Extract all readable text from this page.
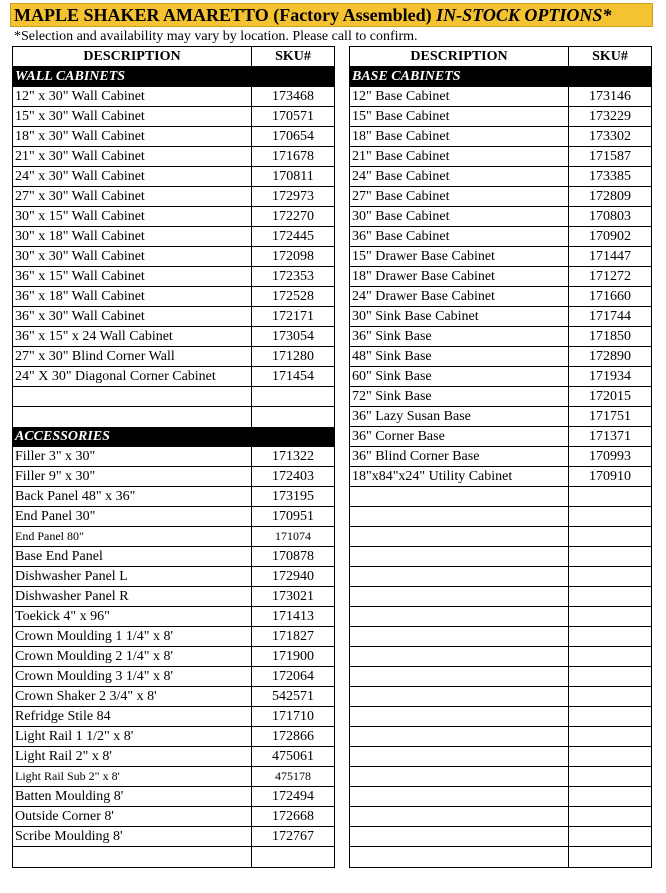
MAPLE SHAKER AMARETTO (Factory Assembled) IN-STOCK OPTIONS*
*Selection and availability may vary by location. Please call to confirm.
DESCRIPTION	SKU#
WALL CABINETS
12" x 30" Wall Cabinet	173468
15" x 30" Wall Cabinet	170571
18" x 30" Wall Cabinet	170654
21" x 30" Wall Cabinet	171678
24" x 30" Wall Cabinet	170811
27" x 30" Wall Cabinet	172973
30" x 15" Wall Cabinet	172270
30" x 18" Wall Cabinet	172445
30" x 30" Wall Cabinet	172098
36" x 15" Wall Cabinet	172353
36" x 18" Wall Cabinet	172528
36" x 30" Wall Cabinet	172171
36" x 15" x 24 Wall Cabinet	173054
27" x 30" Blind Corner Wall	171280
24" X 30" Diagonal Corner Cabinet	171454
ACCESSORIES
Filler 3" x 30"	171322
Filler 9" x 30"	172403
Back Panel 48" x 36"	173195
End Panel 30"	170951
End Panel 80"	171074
Base End Panel	170878
Dishwasher Panel L	172940
Dishwasher Panel R	173021
Toekick 4" x 96"	171413
Crown Moulding 1 1/4" x 8'	171827
Crown Moulding 2 1/4" x 8'	171900
Crown Moulding 3 1/4" x 8'	172064
Crown Shaker 2 3/4" x 8'	542571
Refridge Stile 84	171710
Light Rail 1 1/2" x 8'	172866
Light Rail 2" x 8'	475061
Light Rail Sub 2" x 8'	475178
Batten Moulding 8'	172494
Outside Corner 8'	172668
Scribe Moulding 8'	172767
DESCRIPTION	SKU#
BASE CABINETS
12" Base Cabinet	173146
15" Base Cabinet	173229
18" Base Cabinet	173302
21" Base Cabinet	171587
24" Base Cabinet	173385
27" Base Cabinet	172809
30" Base Cabinet	170803
36" Base Cabinet	170902
15" Drawer Base Cabinet	171447
18" Drawer Base Cabinet	171272
24" Drawer Base Cabinet	171660
30" Sink Base Cabinet	171744
36" Sink Base	171850
48" Sink Base	172890
60" Sink Base	171934
72" Sink Base	172015
36" Lazy Susan Base	171751
36" Corner Base	171371
36" Blind Corner Base	170993
18"x84"x24" Utility Cabinet	170910
